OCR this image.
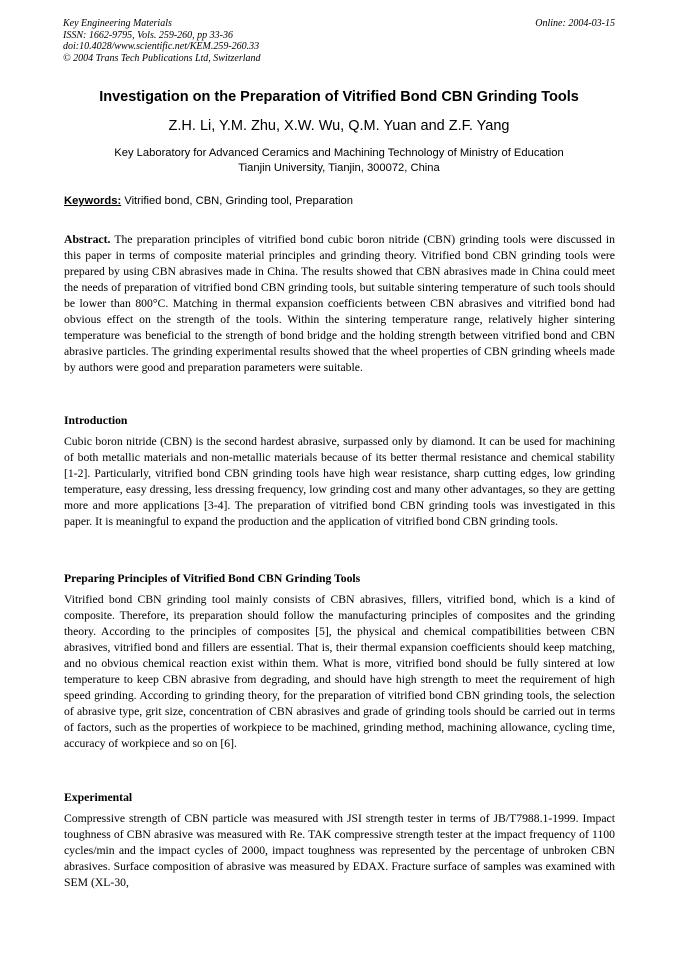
Key Engineering Materials
ISSN: 1662-9795, Vols. 259-260, pp 33-36
doi:10.4028/www.scientific.net/KEM.259-260.33
© 2004 Trans Tech Publications Ltd, Switzerland
Online: 2004-03-15
Investigation on the Preparation of Vitrified Bond CBN Grinding Tools
Z.H. Li, Y.M. Zhu, X.W. Wu, Q.M. Yuan and Z.F. Yang
Key Laboratory for Advanced Ceramics and Machining Technology of Ministry of Education
Tianjin University, Tianjin, 300072, China
Keywords: Vitrified bond, CBN, Grinding tool, Preparation

Abstract. The preparation principles of vitrified bond cubic boron nitride (CBN) grinding tools were discussed in this paper in terms of composite material principles and grinding theory. Vitrified bond CBN grinding tools were prepared by using CBN abrasives made in China. The results showed that CBN abrasives made in China could meet the needs of preparation of vitrified bond CBN grinding tools, but suitable sintering temperature of such tools should be lower than 800°C. Matching in thermal expansion coefficients between CBN abrasives and vitrified bond had obvious effect on the strength of the tools. Within the sintering temperature range, relatively higher sintering temperature was beneficial to the strength of bond bridge and the holding strength between vitrified bond and CBN abrasive particles. The grinding experimental results showed that the wheel properties of CBN grinding wheels made by authors were good and preparation parameters were suitable.

Introduction

Cubic boron nitride (CBN) is the second hardest abrasive, surpassed only by diamond. It can be used for machining of both metallic materials and non-metallic materials because of its better thermal resistance and chemical stability [1-2]. Particularly, vitrified bond CBN grinding tools have high wear resistance, sharp cutting edges, low grinding temperature, easy dressing, less dressing frequency, low grinding cost and many other advantages, so they are getting more and more applications [3-4]. The preparation of vitrified bond CBN grinding tools was investigated in this paper. It is meaningful to expand the production and the application of vitrified bond CBN grinding tools.

Preparing Principles of Vitrified Bond CBN Grinding Tools

Vitrified bond CBN grinding tool mainly consists of CBN abrasives, fillers, vitrified bond, which is a kind of composite. Therefore, its preparation should follow the manufacturing principles of composites and the grinding theory. According to the principles of composites [5], the physical and chemical compatibilities between CBN abrasives, vitrified bond and fillers are essential. That is, their thermal expansion coefficients should keep matching, and no obvious chemical reaction exist within them. What is more, vitrified bond should be fully sintered at low temperature to keep CBN abrasive from degrading, and should have high strength to meet the requirement of high speed grinding. According to grinding theory, for the preparation of vitrified bond CBN grinding tools, the selection of abrasive type, grit size, concentration of CBN abrasives and grade of grinding tools should be carried out in terms of factors, such as the properties of workpiece to be machined, grinding method, machining allowance, cycling time, accuracy of workpiece and so on [6].

Experimental

Compressive strength of CBN particle was measured with JSI strength tester in terms of JB/T7988.1-1999. Impact toughness of CBN abrasive was measured with Re. TAK compressive strength tester at the impact frequency of 1100 cycles/min and the impact cycles of 2000, impact toughness was represented by the percentage of unbroken CBN abrasives. Surface composition of abrasive was measured by EDAX. Fracture surface of samples was examined with SEM (XL-30,
